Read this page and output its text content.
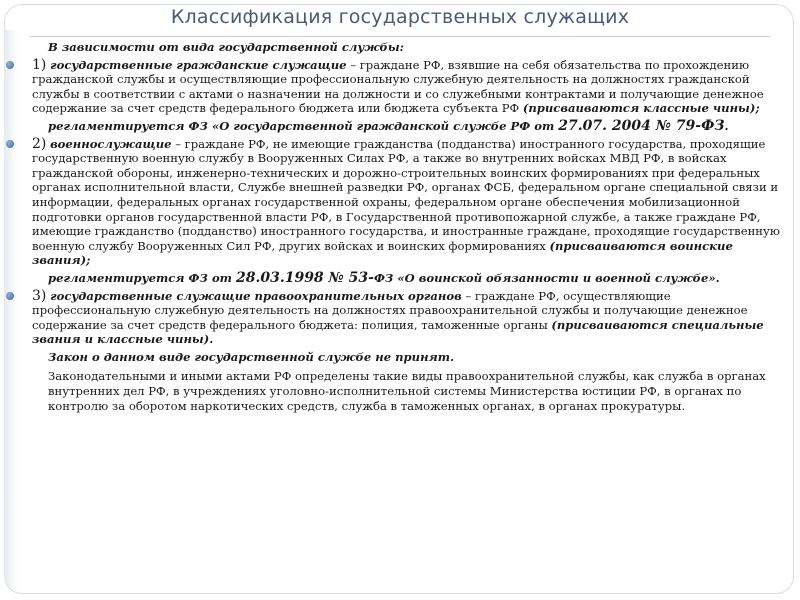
Классификация государственных служащих

В зависимости от вида государственной службы:

1) государственные гражданские служащие – граждане РФ, взявшие на себя обязательства по прохождению гражданской службы и осуществляющие профессиональную служебную деятельность на должностях гражданской службы в соответствии с актами о назначении на должности и со служебными контрактами и получающие денежное содержание за счет средств федерального бюджета или бюджета субъекта РФ (присваиваются классные чины);

регламентируется ФЗ «О государственной гражданской службе РФ от 27.07. 2004 № 79-ФЗ.

2) военнослужащие – граждане РФ, не имеющие гражданства (подданства) иностранного государства, проходящие государственную военную службу в Вооруженных Силах РФ, а также во внутренних войсках МВД РФ, в войсках гражданской обороны, инженерно-технических и дорожно-строительных воинских формированиях при федеральных органах исполнительной власти, Службе внешней разведки РФ, органах ФСБ, федеральном органе специальной связи и информации, федеральных органах государственной охраны, федеральном органе обеспечения мобилизационной подготовки органов государственной власти РФ, в Государственной противопожарной службе, а также граждане РФ, имеющие гражданство (подданство) иностранного государства, и иностранные граждане, проходящие государственную военную службу Вооруженных Сил РФ, других войсках и воинских формированиях (присваиваются воинские звания);

регламентируется ФЗ от 28.03.1998 № 53-ФЗ «О воинской обязанности и военной службе».

3) государственные служащие правоохранительных органов – граждане РФ, осуществляющие профессиональную служебную деятельность на должностях правоохранительной службы и получающие денежное содержание за счет средств федерального бюджета: полиция, таможенные органы (присваиваются специальные звания и классные чины).

Закон о данном виде государственной службе не принят.

Законодательными и иными актами РФ определены такие виды правоохранительной службы, как служба в органах внутренних дел РФ, в учреждениях уголовно-исполнительной системы Министерства юстиции РФ, в органах по контролю за оборотом наркотических средств, служба в таможенных органах, в органах прокуратуры.
